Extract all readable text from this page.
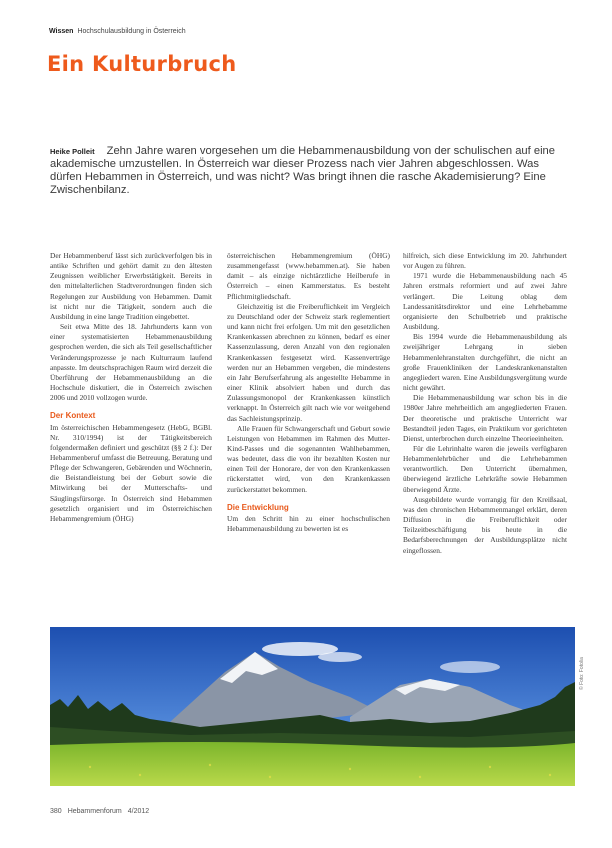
Wissen Hochschulausbildung in Österreich
Ein Kulturbruch
Heike Polleit Zehn Jahre waren vorgesehen um die Hebammenausbildung von der schulischen auf eine akademische umzustellen. In Österreich war dieser Prozess nach vier Jahren abgeschlossen. Was dürfen Hebammen in Österreich, und was nicht? Was bringt ihnen die rasche Akademisierung? Eine Zwischenbilanz.

Der Hebammenberuf lässt sich zurückverfolgen bis in antike Schriften und gehört damit zu den ältesten Zeugnissen weiblicher Erwerbstätigkeit. Bereits in den mittelalterlichen Stadtverordnungen finden sich Regelungen zur Ausbildung von Hebammen. Damit ist nicht nur die Tätigkeit, sondern auch die Ausbildung in eine lange Tradition eingebettet.

Seit etwa Mitte des 18. Jahrhunderts kann von einer systematisierten Hebammenausbildung gesprochen werden, die sich als Teil gesellschaftlicher Veränderungsprozesse je nach Kulturraum laufend anpasste. Im deutschsprachigen Raum wird derzeit die Überführung der Hebammenausbildung an die Hochschule diskutiert, die in Österreich zwischen 2006 und 2010 vollzogen wurde.

Der Kontext

Im österreichischen Hebammengesetz (HebG, BGBl. Nr. 310/1994) ist der Tätigkeitsbereich folgendermaßen definiert und geschützt (§§ 2 f.): Der Hebammenberuf umfasst die Betreuung, Beratung und Pflege der Schwangeren, Gebärenden und Wöchnerin, die Beistandleistung bei der Geburt sowie die Mitwirkung bei der Mutterschafts- und Säuglingsfürsorge. In Österreich sind Hebammen gesetzlich organisiert und im Österreichischen Hebammengremium (ÖHG)

österreichischen Hebammengremium (ÖHG) zusammengefasst (www.hebammen.at). Sie haben damit – als einzige nichtärztliche Heilberufe in Österreich – einen Kammerstatus. Es besteht Pflichtmitgliedschaft.

Gleichzeitig ist die Freiberuflichkeit im Vergleich zu Deutschland oder der Schweiz stark reglementiert und kann nicht frei erfolgen. Um mit den gesetzlichen Krankenkassen abrechnen zu können, bedarf es einer Kassenzulassung, deren Anzahl von den regionalen Krankenkassen festgesetzt wird. Kassenverträge werden nur an Hebammen vergeben, die mindestens ein Jahr Berufserfahrung als angestellte Hebamme in einer Klinik absolviert haben und durch das Zulassungsmonopol der Krankenkassen künstlich verknappt. In Österreich gilt nach wie vor weitgehend das Sachleistungsprinzip.

Alle Frauen für Schwangerschaft und Geburt sowie Leistungen von Hebammen im Rahmen des Mutter-Kind-Passes und die sogenannten Wahlhebammen, was bedeutet, dass die von ihr bezahlten Kosten nur einen Teil der Honorare, der von den Krankenkassen rückerstattet wird, von den Krankenkassen zurückerstattet bekommen.

Die Entwicklung

Um den Schritt hin zu einer hochschulischen Hebammenausbildung zu bewerten ist es

hilfreich, sich diese Entwicklung im 20. Jahrhundert vor Augen zu führen.

1971 wurde die Hebammenausbildung nach 45 Jahren erstmals reformiert und auf zwei Jahre verlängert. Die Leitung oblag dem Landessanitätsdirektor und eine Lehrhebamme organisierte den Schulbetrieb und praktische Ausbildung.

Bis 1994 wurde die Hebammenausbildung als zweijähriger Lehrgang in sieben Hebammenlehranstalten durchgeführt, die nicht an große Frauenkliniken der Landeskrankenanstalten angegliedert waren. Eine Ausbildungsvergütung wurde nicht gewährt.

Die Hebammenausbildung war schon bis in die 1980er Jahre mehrheitlich am angegliederten Frauen. Der theoretische und praktische Unterricht war Bestandteil jeden Tages, ein Praktikum vor gerichteten Dienst, unterbrochen durch einzelne Theorieeinheiten.

Für die Lehrinhalte waren die jeweils verfügbaren Hebammenlehrbücher und die Lehrhebammen verantwortlich. Den Unterricht übernahmen, überwiegend ärztliche Lehrkräfte sowie Hebammen überwiegend Ärzte.

Ausgebildete wurde vorrangig für den Kreißsaal, was den chronischen Hebammenmangel erklärt, deren Diffusion in die Freiberuflichkeit oder Teilzeitbeschäftigung bis heute in die Bedarfsberechnungen der Ausbildungsplätze nicht eingeflossen.

© Foto: Fotolia
380 Hebammenforum 4/2012
